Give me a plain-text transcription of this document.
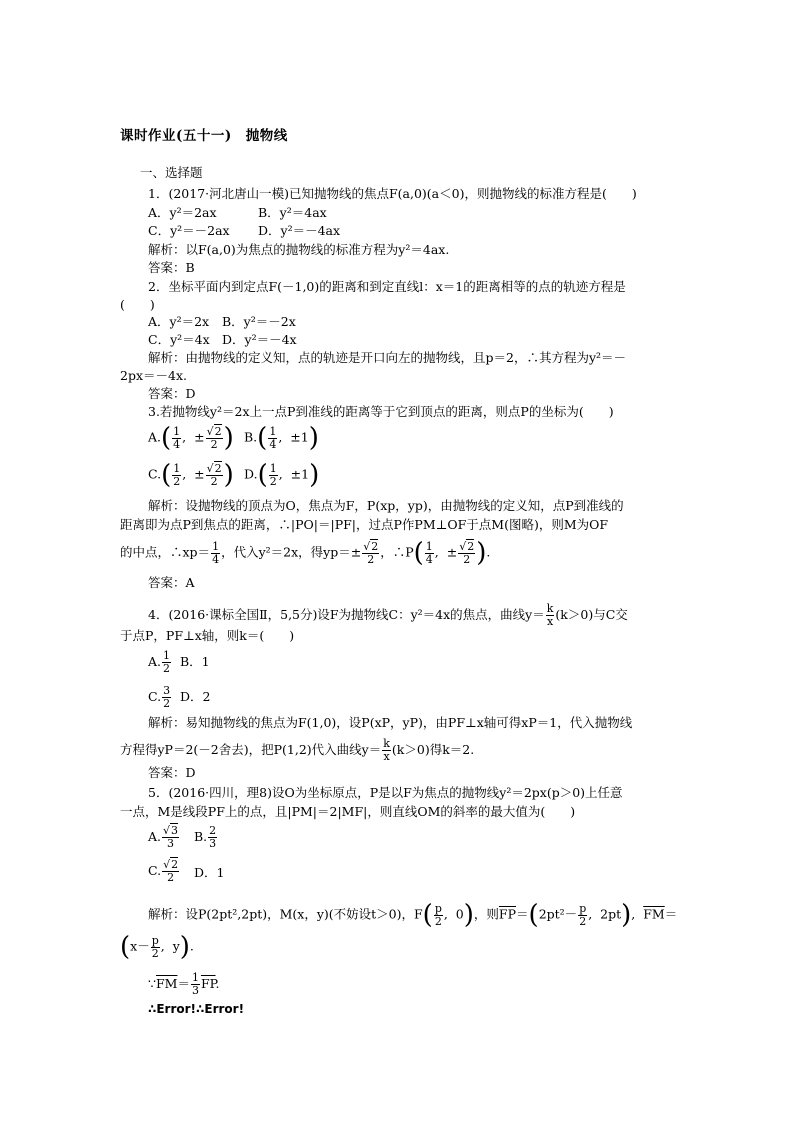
课时作业(五十一)　抛物线
一、选择题
1．(2017·河北唐山一模)已知抛物线的焦点F(a,0)(a＜0)，则抛物线的标准方程是(　　)
A．y²＝2ax	B．y²＝4ax
C．y²＝－2ax D．y²＝－4ax
解析：以F(a,0)为焦点的抛物线的标准方程为y²＝4ax.
答案：B
2．坐标平面内到定点F(－1,0)的距离和到定直线l：x＝1的距离相等的点的轨迹方程是
(　　)
A．y²＝2x B．y²＝－2x
C．y²＝4x D．y²＝－4x
解析：由抛物线的定义知，点的轨迹是开口向左的抛物线，且p＝2，∴其方程为y²＝－
2px＝－4x.
答案：D
3.若抛物线y²＝2x上一点P到准线的距离等于它到顶点的距离，则点P的坐标为(　　)
$A.( \frac{1}{4}$ ,  ± $\frac{√2}{2}$ ) $B.( \frac{1}{4}$ ,  ±1)
$C.( \frac{1}{2}$ ,  ± $\frac{√2}{2}$ ) $D.( \frac{1}{2}$ ,  ±1)
解析：设抛物线的顶点为O，焦点为F，P(xp，yp)，由抛物线的定义知，点P到准线的
距离即为点P到焦点的距离，∴|PO|＝|PF|，过点P作PM⊥OF于点M(图略)，则M为OF
的中点，∴xp＝ $\frac{1}{4}$ ，代入y²＝2x，得$yp=\pm \frac{√2}{2}$ ，∴P( $\frac{1}{4}$ ,  ± $\frac{√2}{2}$ ).
答案：A
4．(2016·课标全国Ⅱ，5,5分)设F为抛物线C：y²＝4x的焦点，曲线$y= \frac{k}{x} (k>0)$与C交
于点P，PF⊥x轴，则k＝(　　)
A. $\frac{1}{2}$ B．1
C. $\frac{3}{2}$ D．2
解析：易知抛物线的焦点为F(1,0)，设P(xP，yP)，由PF⊥x轴可得xP＝1，代入抛物线
方程得yP＝2(－2舍去)，把P(1,2)代入曲线$y= \frac{k}{x} (k>0)$得k＝2.
答案：D
5．(2016·四川，理8)设O为坐标原点，P是以F为焦点的抛物线y²＝2px(p＞0)上任意
一点，M是线段PF上的点，且|PM|＝2|MF|，则直线OM的斜率的最大值为(　　)
A. $\frac{√3}{3} B$. $\frac{2}{3}$
C. $\frac{√2}{2}$ D．1
解析：设P(2pt²,2pt)，M(x，y)(不妨设t＞0)，$F( \frac{p}{2}$ ,  0)，则$\overline{FP}=(2pt^2- \frac{p}{2}$ ,  2pt),  $\overline{FM}=$
($x- \frac{p}{2}$ ,  y).
$\because\overline{FM}= \frac{1}{3} \overline{FP}$.
∴Error!∴Error!
